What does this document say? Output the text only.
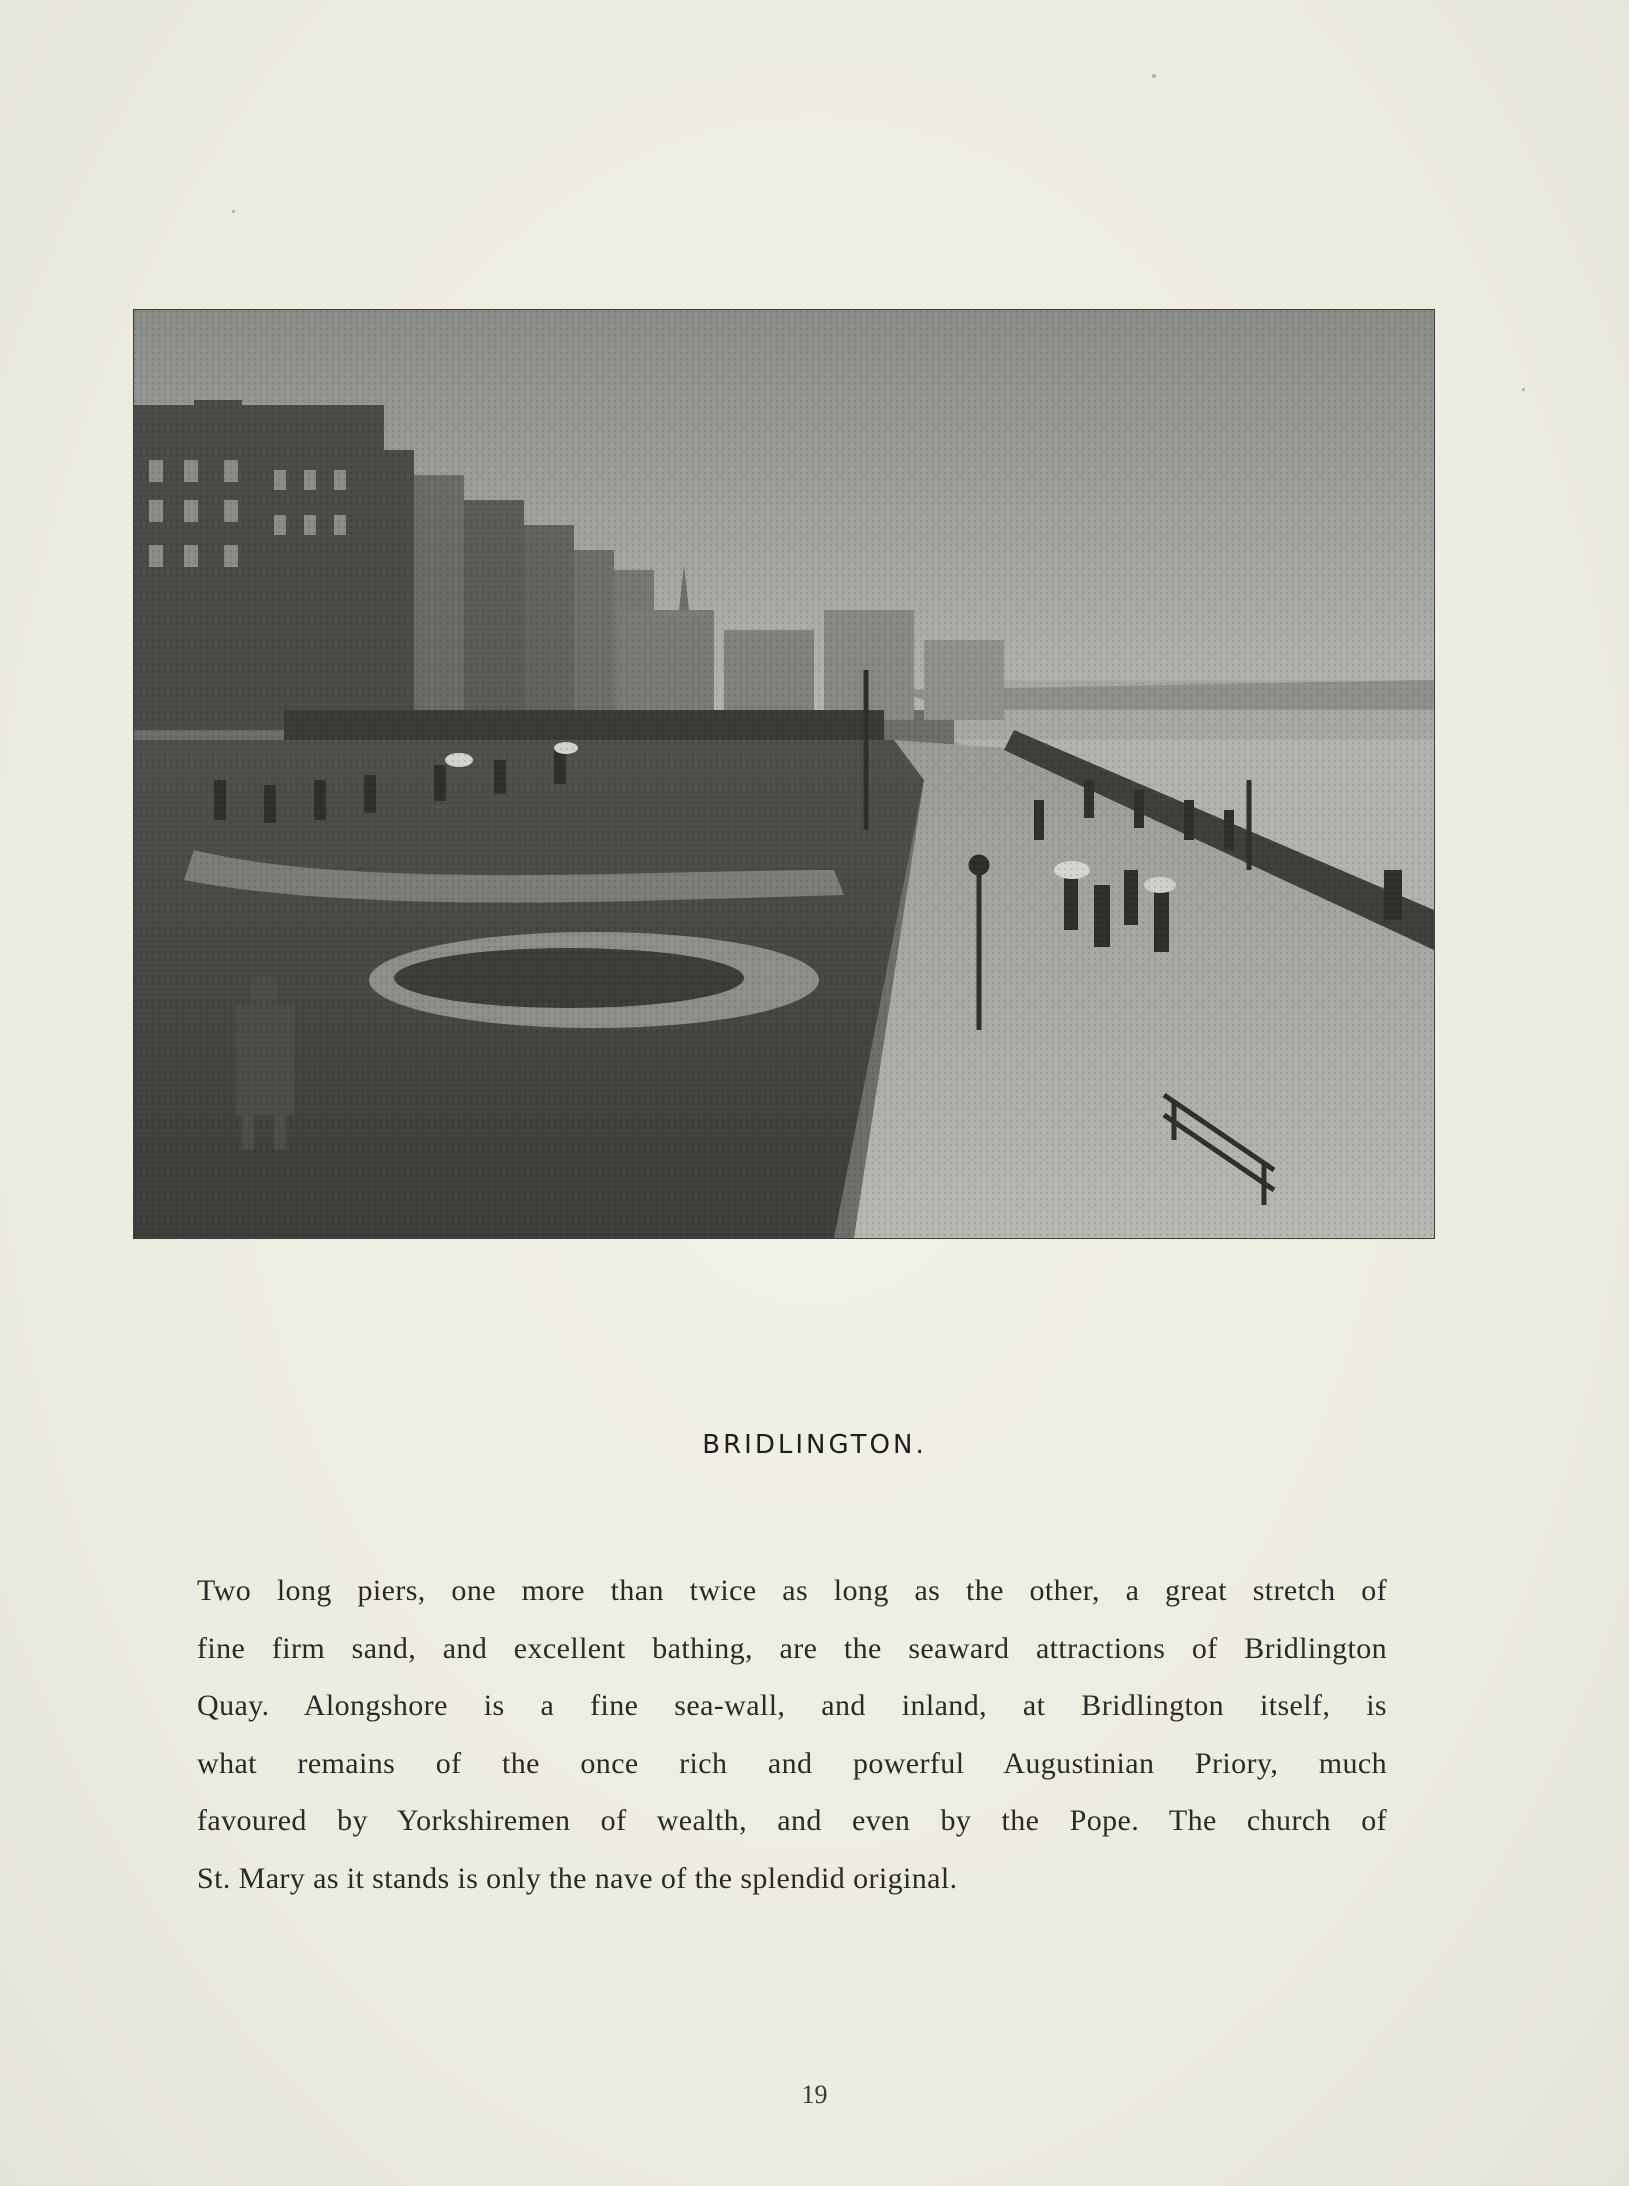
BRIDLINGTON.
Two long piers, one more than twice as long as the other, a great stretch of
fine firm sand, and excellent bathing, are the seaward attractions of Bridlington
Quay. Alongshore is a fine sea-wall, and inland, at Bridlington itself, is
what remains of the once rich and powerful Augustinian Priory, much
favoured by Yorkshiremen of wealth, and even by the Pope. The church of
St. Mary as it stands is only the nave of the splendid original.
19
